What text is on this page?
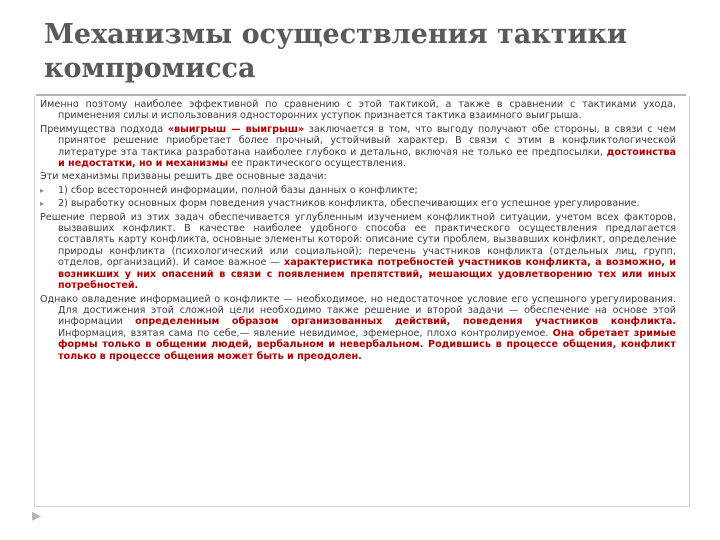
Механизмы осуществления тактики компромисса

Именно поэтому наиболее эффективной по сравнению с этой тактикой, а также в сравнении с тактиками ухода, применения силы и использования односторонних уступок признается тактика взаимного выигрыша.

Преимущества подхода «выигрыш — выигрыш» заключается в том, что выгоду получают обе стороны, в связи с чем принятое решение приобретает более прочный, устойчивый характер. В связи с этим в конфликтологической литературе эта тактика разработана наиболее глубоко и детально, включая не только ее предпосылки, достоинства и недостатки, но и механизмы ее практического осуществления.

Эти механизмы призваны решить две основные задачи:

▸ 1) сбор всесторонней информации, полной базы данных о конфликте;
▸ 2) выработку основных форм поведения участников конфликта, обеспечивающих его успешное урегулирование.

Решение первой из этих задач обеспечивается углубленным изучением конфликтной ситуации, учетом всех факторов, вызвавших конфликт. В качестве наиболее удобного способа ее практического осуществления предлагается составлять карту конфликта, основные элементы которой: описание сути проблем, вызвавших конфликт, определение природы конфликта (психологический или социальной); перечень участников конфликта (отдельных лиц, групп, отделов, организаций). И самое важное — характеристика потребностей участников конфликта, а возможно, и возникших у них опасений в связи с появлением препятствий, мешающих удовлетворению тех или иных потребностей.

Однако овладение информацией о конфликте — необходимое, но недостаточное условие его успешного урегулирования. Для достижения этой сложной цели необходимо также решение и второй задачи — обеспечение на основе этой информации определенным образом организованных действий, поведения участников конфликта. Информация, взятая сама по себе,— явление невидимое, эфемерное, плохо контролируемое. Она обретает зримые формы только в общении людей, вербальном и невербальном. Родившись в процессе общения, конфликт только в процессе общения может быть и преодолен.

▸
